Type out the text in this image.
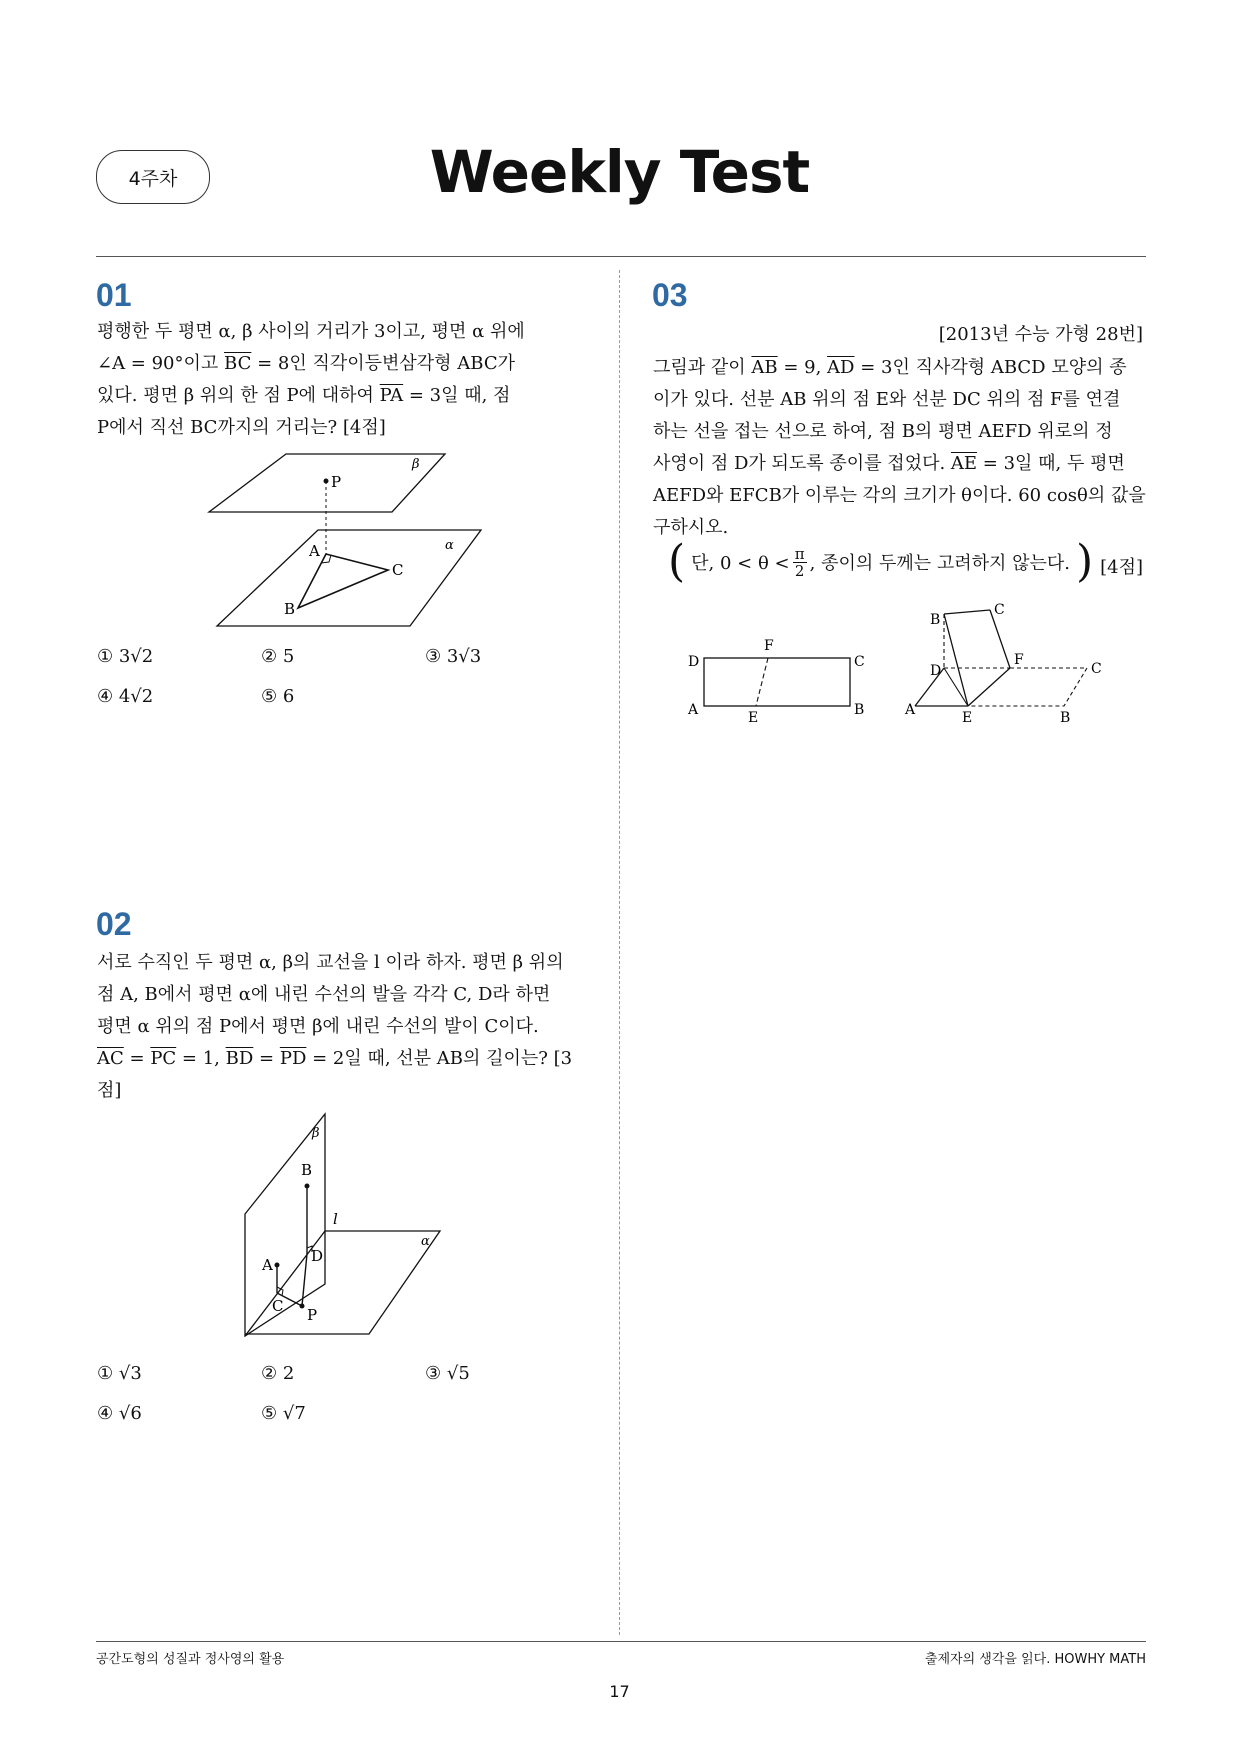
4주차	Weekly Test
01

평행한 두 평면 α, β 사이의 거리가 3이고, 평면 α 위에

∠A = 90°이고 $\overline{BC} = 8$인 직각이등변삼각형 ABC가

있다. 평면 β 위의 한 점 P에 대하여 $\overline{PA} = 3$일 때, 점

P에서 직선 BC까지의 거리는? [4점]

P
A
B
C
α
β
① 3√2	② 5	③ 3√3
④ 4√2	⑤ 6
02

서로 수직인 두 평면 α, β의 교선을 l 이라 하자. 평면 β 위의

점 A, B에서 평면 α에 내린 수선의 발을 각각 C, D라 하면

평면 α 위의 점 P에서 평면 β에 내린 수선의 발이 C이다.

$\overline{AC} = \overline{PC} = 1$, $\overline{BD} = \overline{PD} = 2$일 때, 선분 AB의 길이는? [3

점]

B
A
C
D
P
l
α
β
① √3	② 2	③ √5
④ √6	⑤ √7
03
[2013년 수능 가형 28번]

그림과 같이 $\overline{AB} = 9$, $\overline{AD} = 3$인 직사각형 ABCD 모양의 종

이가 있다. 선분 AB 위의 점 E와 선분 DC 위의 점 F를 연결

하는 선을 접는 선으로 하여, 점 B의 평면 AEFD 위로의 정

사영이 점 D가 되도록 종이를 접었다. $\overline{AE} = 3$일 때, 두 평면

AEFD와 EFCB가 이루는 각의 크기가 θ이다. 60 cosθ의 값을

구하시오.

( 단, $0 < \theta < \frac{\pi}{2}$ , 종이의 두께는 고려하지 않는다. ) [4점]
D	C
A	B
F
E	A
D
B
C
F
E
C
B
공간도형의 성질과 정사영의 활용	출제자의 생각을 읽다. HOWHY MATH
17
